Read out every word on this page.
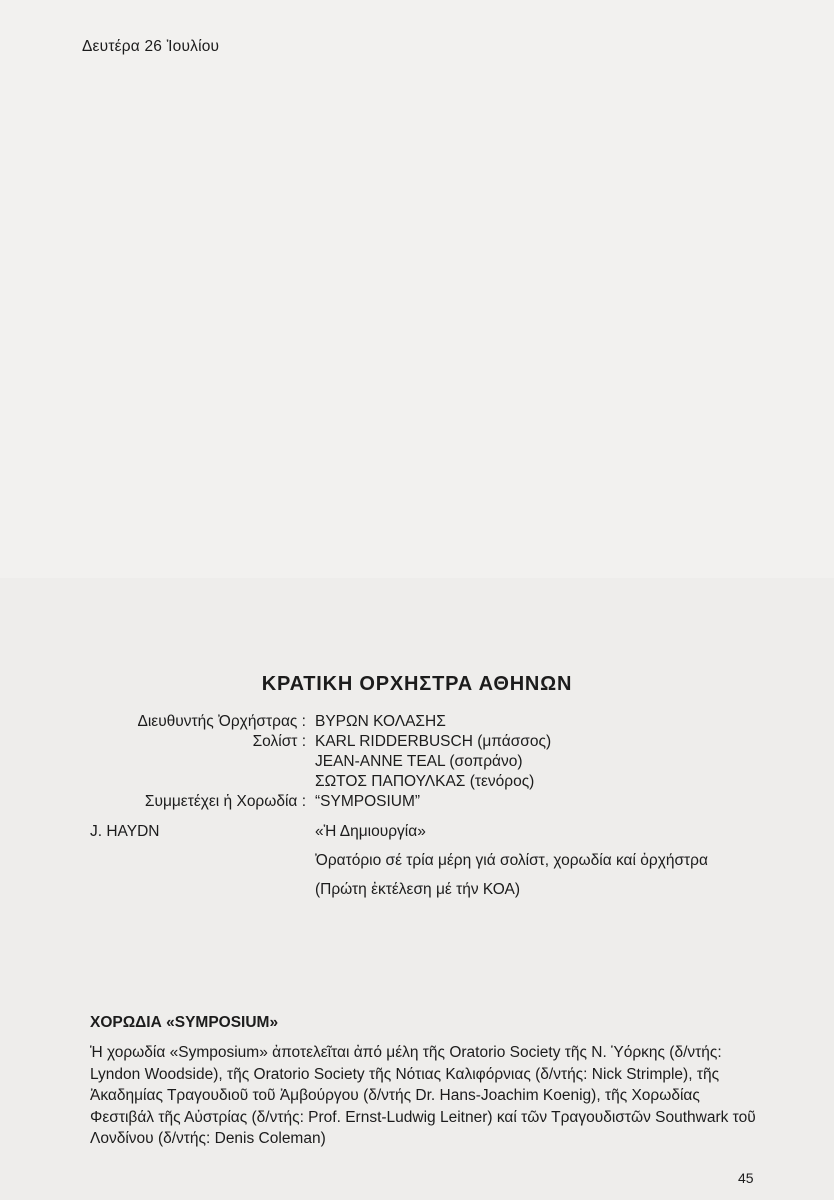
Δευτέρα 26 Ἰουλίου
ΚΡΑΤΙΚΗ ΟΡΧΗΣΤΡΑ ΑΘΗΝΩΝ
Διευθυντής Ὀρχήστρας : ΒΥΡΩΝ ΚΟΛΑΣΗΣ
Σολίστ : KARL RIDDERBUSCH (μπάσσος)
JEAN-ANNE TEAL (σοπράνο)
ΣΩΤΟΣ ΠΑΠΟΥΛΚΑΣ (τενόρος)
Συμμετέχει ἡ Χορωδία : “SYMPOSIUM”
J. HAYDN	«Ἡ Δημιουργία»

Ὀρατόριο σέ τρία μέρη γιά σολίστ, χορωδία καί ὀρχήστρα

(Πρώτη ἐκτέλεση μέ τήν ΚΟΑ)

ΧΟΡΩΔΙΑ «SYMPOSIUM»

Ἡ χορωδία «Symposium» ἀποτελεῖται ἀπό μέλη τῆς Oratorio Society τῆς Ν. Ὑόρκης (δ/ντής: Lyndon Woodside), τῆς Oratorio Society τῆς Νότιας Καλιφόρνιας (δ/ντής: Nick Strimple), τῆς Ἀκαδημίας Τραγουδιοῦ τοῦ Ἀμβούργου (δ/ντής Dr. Hans-Joachim Koenig), τῆς Χορωδίας Φεστιβάλ τῆς Αὐστρίας (δ/ντής: Prof. Ernst-Ludwig Leitner) καί τῶν Τραγουδιστῶν Southwark τοῦ Λονδίνου (δ/ντής: Denis Coleman)

45
